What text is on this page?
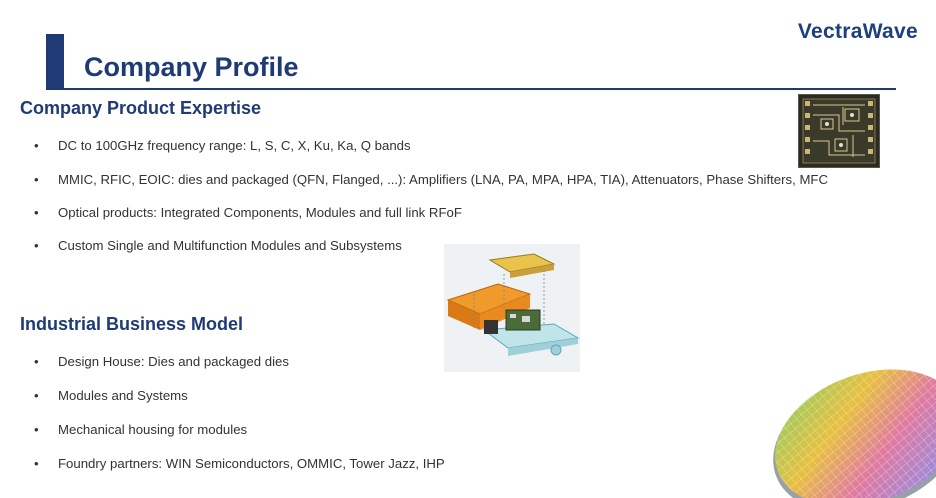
Company Profile
VectraWave
Company Product Expertise
• DC to 100GHz frequency range: L, S, C, X, Ku, Ka, Q bands
• MMIC, RFIC, EOIC: dies and packaged (QFN, Flanged, ...): Amplifiers (LNA, PA, MPA, HPA, TIA), Attenuators, Phase Shifters, MFC
• Optical products: Integrated Components, Modules and full link RFoF
• Custom Single and Multifunction Modules and Subsystems
Industrial Business Model
• Design House: Dies and packaged dies
• Modules and Systems
• Mechanical housing for modules
• Foundry partners: WIN Semiconductors, OMMIC, Tower Jazz, IHP
